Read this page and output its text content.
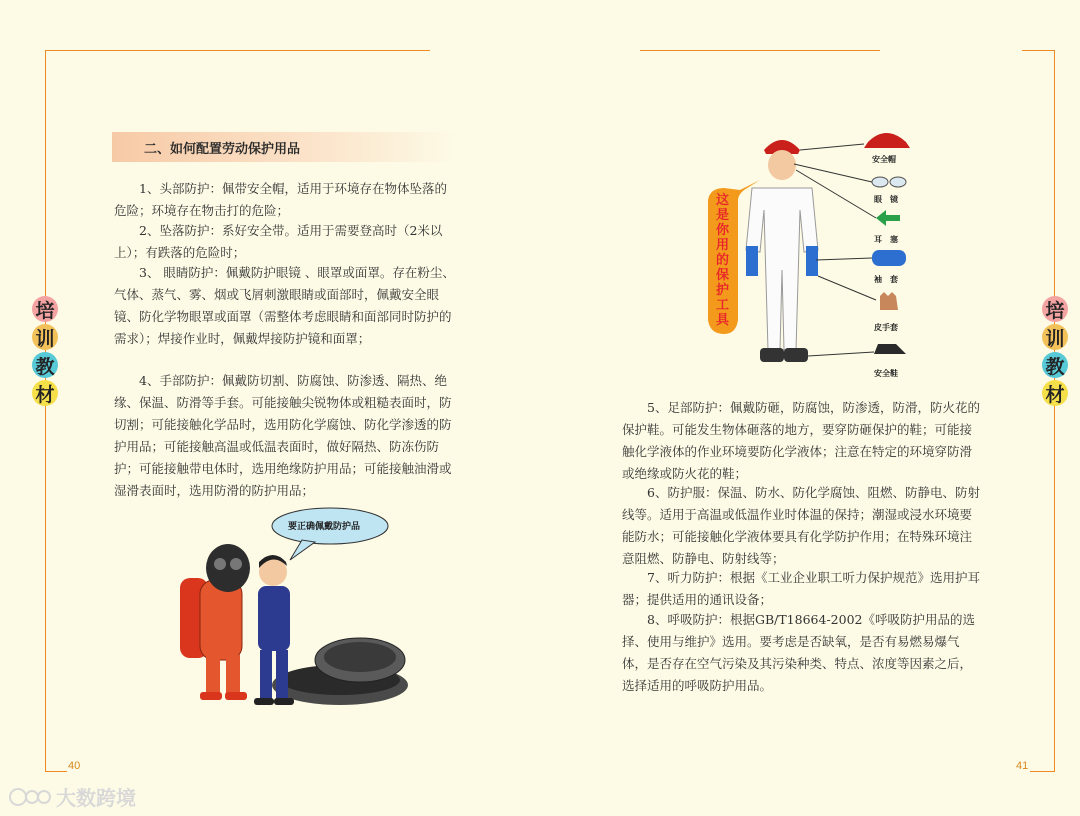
40	41
培
训
教
材
培
训
教
材
二、如何配置劳动保护用品
1、头部防护：佩带安全帽，适用于环境存在物体坠落的危险；环境存在物击打的危险；
2、坠落防护：系好安全带。适用于需要登高时（2米以上）；有跌落的危险时；
3、 眼睛防护：佩戴防护眼镜 、眼罩或面罩。存在粉尘、气体、蒸气、雾、烟或飞屑刺激眼睛或面部时，佩戴安全眼镜、防化学物眼罩或面罩（需整体考虑眼睛和面部同时防护的需求）；焊接作业时，佩戴焊接防护镜和面罩；
4、手部防护：佩戴防切割、防腐蚀、防渗透、隔热、绝缘、保温、防滑等手套。可能接触尖锐物体或粗糙表面时，防切割；可能接触化学品时，选用防化学腐蚀、防化学渗透的防护用品；可能接触高温或低温表面时，做好隔热、防冻伤防护；可能接触带电体时，选用绝缘防护用品；可能接触油滑或湿滑表面时，选用防滑的防护用品；
5、足部防护：佩戴防砸，防腐蚀，防渗透，防滑，防火花的保护鞋。可能发生物体砸落的地方，要穿防砸保护的鞋；可能接触化学液体的作业环境要防化学液体；注意在特定的环境穿防滑或绝缘或防火花的鞋；
6、防护服：保温、防水、防化学腐蚀、阻燃、防静电、防射线等。适用于高温或低温作业时体温的保持；潮湿或浸水环境要能防水；可能接触化学液体要具有化学防护作用；在特殊环境注意阻燃、防静电、防射线等；
7、听力防护：根据《工业企业职工听力保护规范》选用护耳器；提供适用的通讯设备；
8、呼吸防护：根据GB/T18664-2002《呼吸防护用品的选择、使用与维护》选用。要考虑是否缺氧，是否有易燃易爆气体，是否存在空气污染及其污染种类、特点、浓度等因素之后，选择适用的呼吸防护用品。
要正确佩戴防护品
这
是
你
用
的
保
护
工
具
安全帽
眼　镜
耳　塞
袖　套
皮手套
安全鞋
大数跨境
